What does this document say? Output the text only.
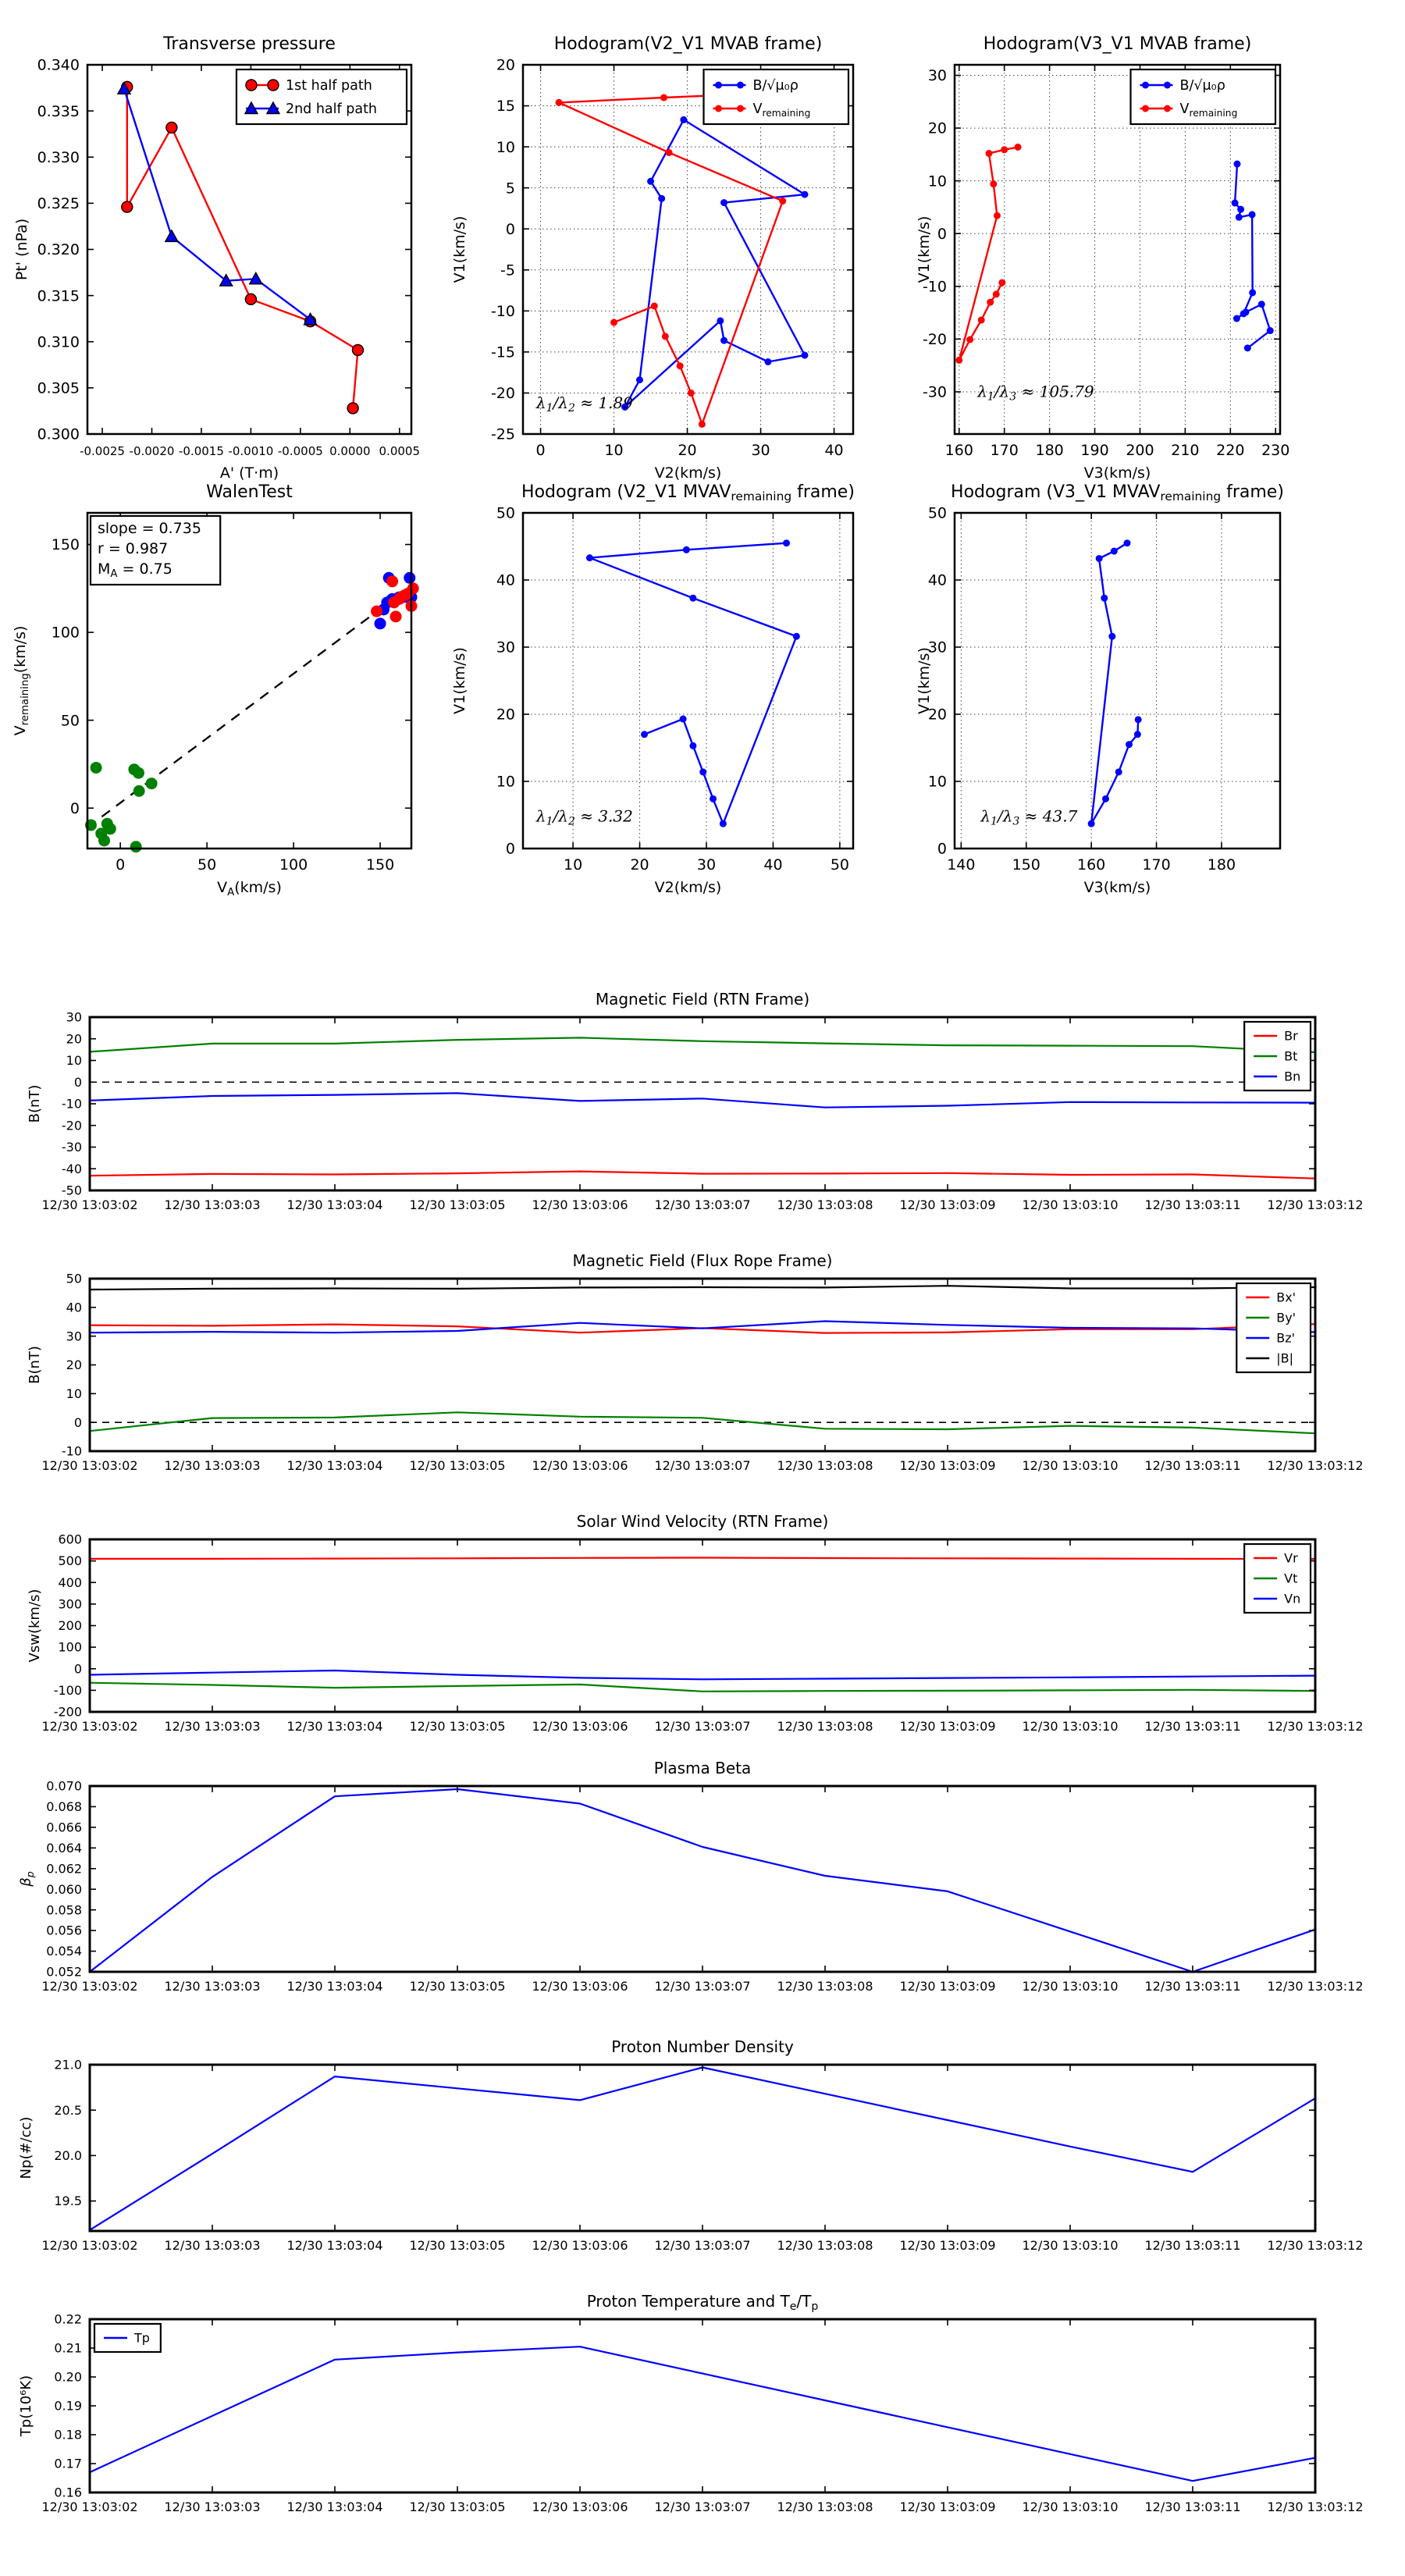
-0.0025 -0.0020 -0.0015 -0.0010 -0.0005 0.0000 0.0005
0.300
0.305
0.310
0.315
0.320
0.325
0.330
0.335
0.340
Transverse pressure
A' (T·m)
Pt' (nPa)
1st half path
2nd half path
0	10	20	30	40
-25
-20
-15
-10
-5
0
5
10
15
20
Hodogram(V2_V1 MVAB frame)
V2(km/s)
V1(km/s)
B/√μ₀ρ
$V_{remaining}$
$\lambda_1/\lambda_2 \approx 1.89$
160 170 180 190 200 210 220 230
-30
-20
-10
0
10
20
30
Hodogram(V3_V1 MVAB frame)
V3(km/s)
V1(km/s)
B/√μ₀ρ
$V_{remaining}$
$\lambda_1/\lambda_3 \approx 105.79$
0	50	100	150
0
50
100
150
WalenTest
$V_A(km/s)$
$V_{remaining}(km/s)$
slope = 0.735
r = 0.987
$M_A = 0.75$
10	20	30	40	50
0
10
20
30
40
50
Hodogram (V2_V1 MVAVremaining frame)
V2(km/s)
V1(km/s)
$\lambda_1/\lambda_2 \approx 3.32$
140 150 160 170 180
0
10
20
30
40
50
Hodogram (V3_V1 MVAVremaining frame)
V3(km/s)
V1(km/s)
$\lambda_1/\lambda_3 \approx 43.7$
12/30 13:03:02 12/30 13:03:03 12/30 13:03:04 12/30 13:03:05 12/30 13:03:06 12/30 13:03:07 12/30 13:03:08 12/30 13:03:09 12/30 13:03:10 12/30 13:03:11 12/30 13:03:12
-50
-40
-30
-20
-10
0
10
20
30
Magnetic Field (RTN Frame)
B(nT)
Br
Bt
Bn
12/30 13:03:02 12/30 13:03:03 12/30 13:03:04 12/30 13:03:05 12/30 13:03:06 12/30 13:03:07 12/30 13:03:08 12/30 13:03:09 12/30 13:03:10 12/30 13:03:11 12/30 13:03:12
-10
0
10
20
30
40
50
Magnetic Field (Flux Rope Frame)
B(nT)
Bx'
By'
Bz'
|B|
12/30 13:03:02 12/30 13:03:03 12/30 13:03:04 12/30 13:03:05 12/30 13:03:06 12/30 13:03:07 12/30 13:03:08 12/30 13:03:09 12/30 13:03:10 12/30 13:03:11 12/30 13:03:12
-200
-100
0
100
200
300
400
500
600
Solar Wind Velocity (RTN Frame)
Vsw(km/s)
Vr
Vt
Vn
12/30 13:03:02 12/30 13:03:03 12/30 13:03:04 12/30 13:03:05 12/30 13:03:06 12/30 13:03:07 12/30 13:03:08 12/30 13:03:09 12/30 13:03:10 12/30 13:03:11 12/30 13:03:12
0.052
0.054
0.056
0.058
0.060
0.062
0.064
0.066
0.068
0.070
Plasma Beta
$\beta_p$
12/30 13:03:02 12/30 13:03:03 12/30 13:03:04 12/30 13:03:05 12/30 13:03:06 12/30 13:03:07 12/30 13:03:08 12/30 13:03:09 12/30 13:03:10 12/30 13:03:11 12/30 13:03:12
19.5
20.0
20.5
21.0
Proton Number Density
Np(#/cc)
12/30 13:03:02 12/30 13:03:03 12/30 13:03:04 12/30 13:03:05 12/30 13:03:06 12/30 13:03:07 12/30 13:03:08 12/30 13:03:09 12/30 13:03:10 12/30 13:03:11 12/30 13:03:12
0.16
0.17
0.18
0.19
0.20
0.21
0.22
Proton Temperature and $T_e/T_p$
Tp(10⁶K)
Tp
